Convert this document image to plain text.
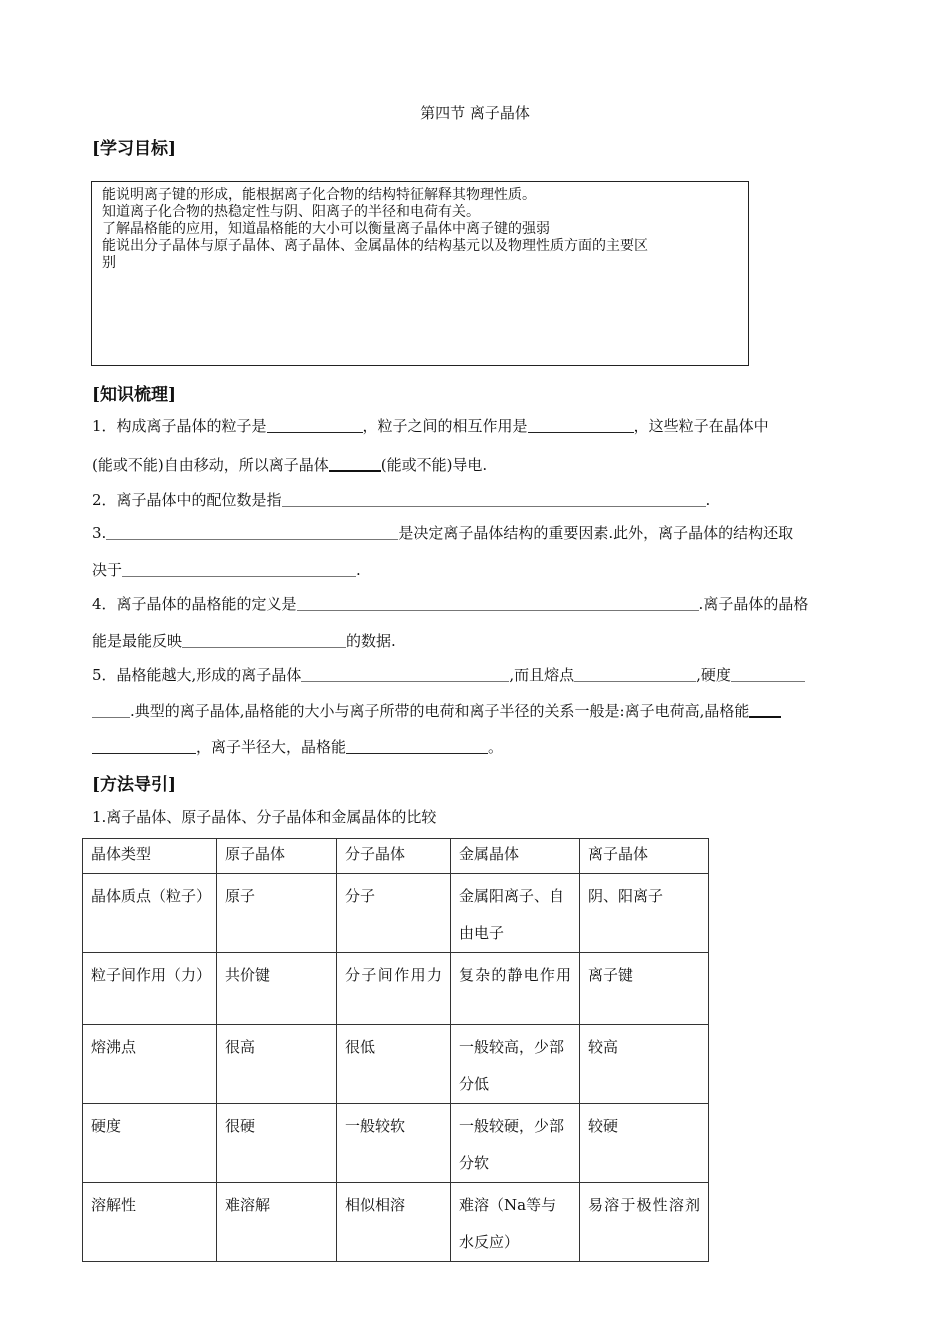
第四节 离子晶体
[学习目标]
能说明离子键的形成，能根据离子化合物的结构特征解释其物理性质。
知道离子化合物的热稳定性与阴、阳离子的半径和电荷有关。
了解晶格能的应用，知道晶格能的大小可以衡量离子晶体中离子键的强弱
能说出分子晶体与原子晶体、离子晶体、金属晶体的结构基元以及物理性质方面的主要区
别
[知识梳理]
1．构成离子晶体的粒子是	，粒子之间的相互作用是	，这些粒子在晶体中
(能或不能)自由移动，所以离子晶体	(能或不能)导电.
2．离子晶体中的配位数是指	.
3.	是决定离子晶体结构的重要因素.此外，离子晶体的结构还取
决于	.
4．离子晶体的晶格能的定义是	.离子晶体的晶格
能是最能反映	的数据.
5．晶格能越大,形成的离子晶体	,而且熔点	,硬度
.典型的离子晶体,晶格能的大小与离子所带的电荷和离子半径的关系一般是:离子电荷高,晶格能
，离子半径大，晶格能	。
[方法导引]
1.离子晶体、原子晶体、分子晶体和金属晶体的比较
晶体类型	原子晶体	分子晶体	金属晶体	离子晶体
晶体质点（粒子）	原子	分子	金属阳离子、自由电子	阴、阳离子
粒子间作用（力）	共价键	分子间作用力	复杂的静电作用	离子键
熔沸点	很高	很低	一般较高，少部分低	较高
硬度	很硬	一般较软	一般较硬，少部分软	较硬
溶解性	难溶解	相似相溶	难溶（Na等与水反应）	易溶于极性溶剂
